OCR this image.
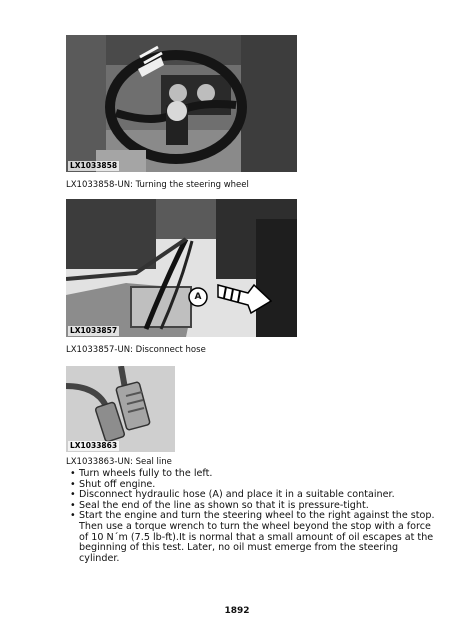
LX1033858
LX1033858-UN: Turning the steering wheel
A
LX1033857
LX1033857-UN: Disconnect hose
LX1033863
LX1033863-UN: Seal line
• Turn wheels fully to the left.
• Shut off engine.
• Disconnect hydraulic hose (A) and place it in a suitable container.
• Seal the end of the line as shown so that it is pressure-tight.
• Start the engine and turn the steering wheel to the right against the stop. Then use a torque wrench to turn the wheel beyond the stop with a force of 10 N´m (7.5 lb-ft).It is normal that a small amount of oil escapes at the beginning of this test. Later, no oil must emerge from the steering cylinder.
1892
